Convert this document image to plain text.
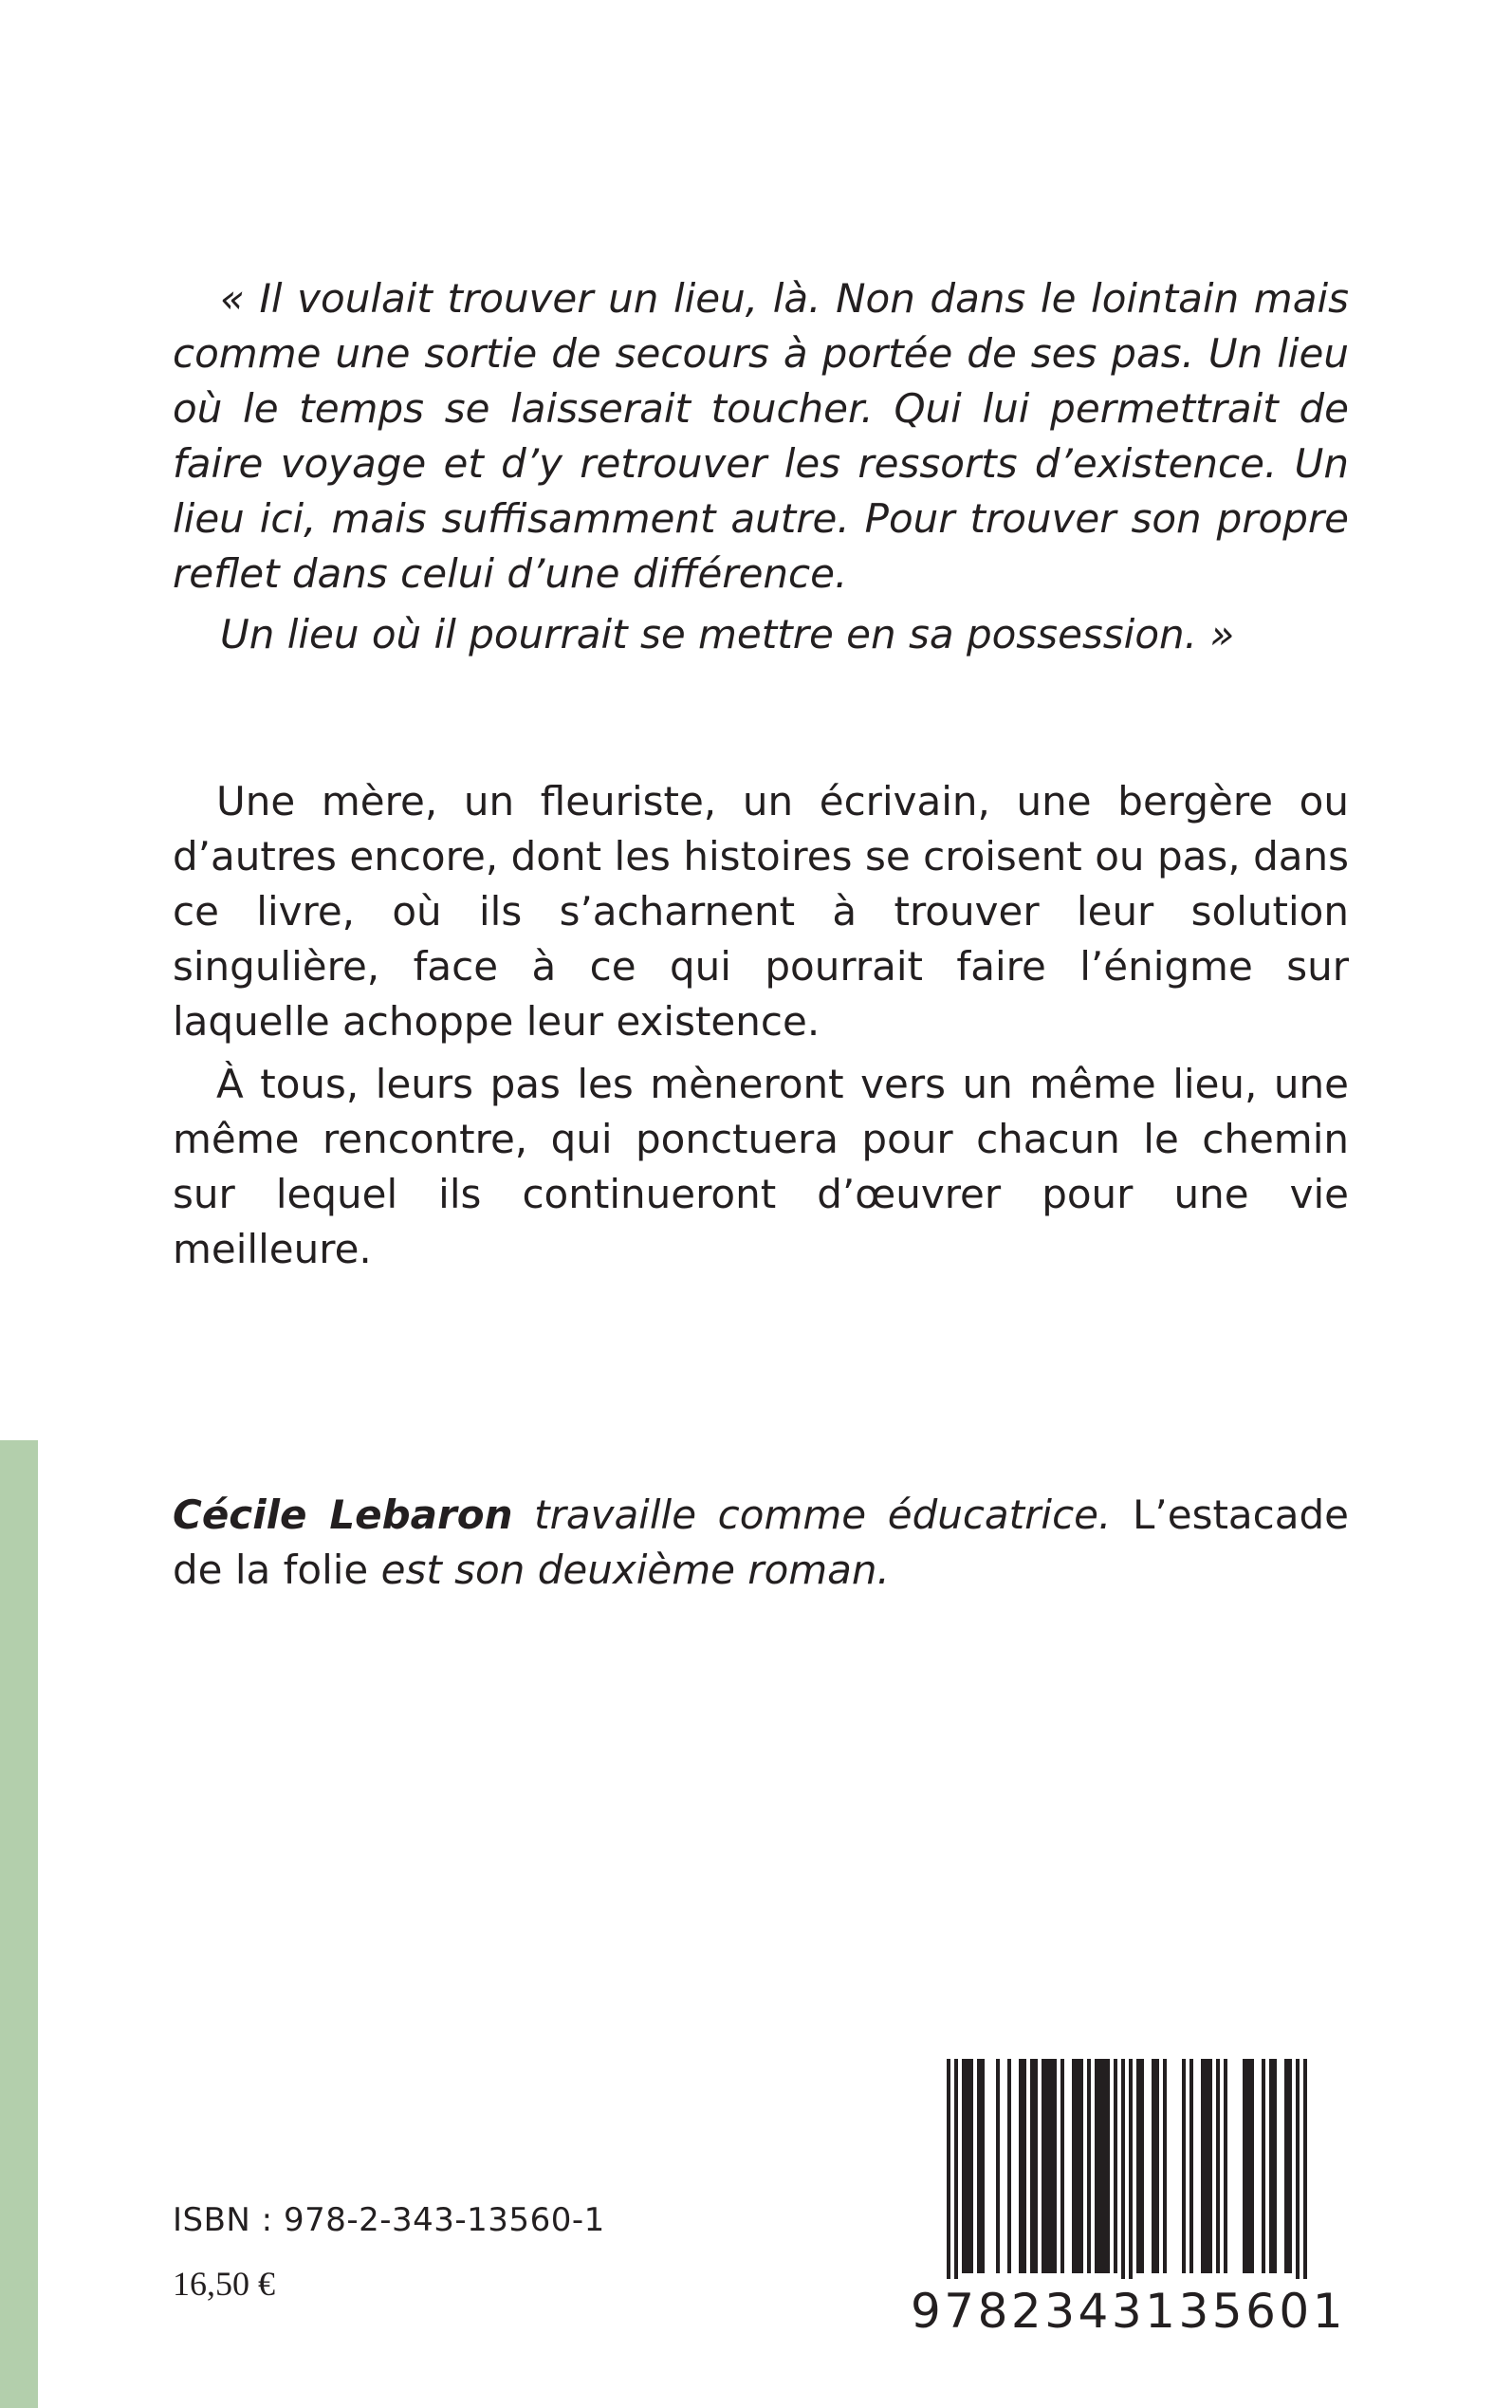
« Il voulait trouver un lieu, là. Non dans le lointain mais comme une sortie de secours à portée de ses pas. Un lieu où le temps se laisserait toucher. Qui lui permettrait de faire voyage et d’y retrouver les ressorts d’existence. Un lieu ici, mais suffisamment autre. Pour trouver son propre reflet dans celui d’une différence.

Un lieu où il pourrait se mettre en sa possession. »

Une mère, un fleuriste, un écrivain, une bergère ou d’autres encore, dont les histoires se croisent ou pas, dans ce livre, où ils s’acharnent à trouver leur solution singulière, face à ce qui pourrait faire l’énigme sur laquelle achoppe leur existence.

À tous, leurs pas les mèneront vers un même lieu, une même rencontre, qui ponctuera pour chacun le chemin sur lequel ils continueront d’œuvrer pour une vie meilleure.

Cécile Lebaron travaille comme éducatrice. L’estacade de la folie est son deuxième roman.

ISBN : 978-2-343-13560-1
16,50 €	9782343135601
